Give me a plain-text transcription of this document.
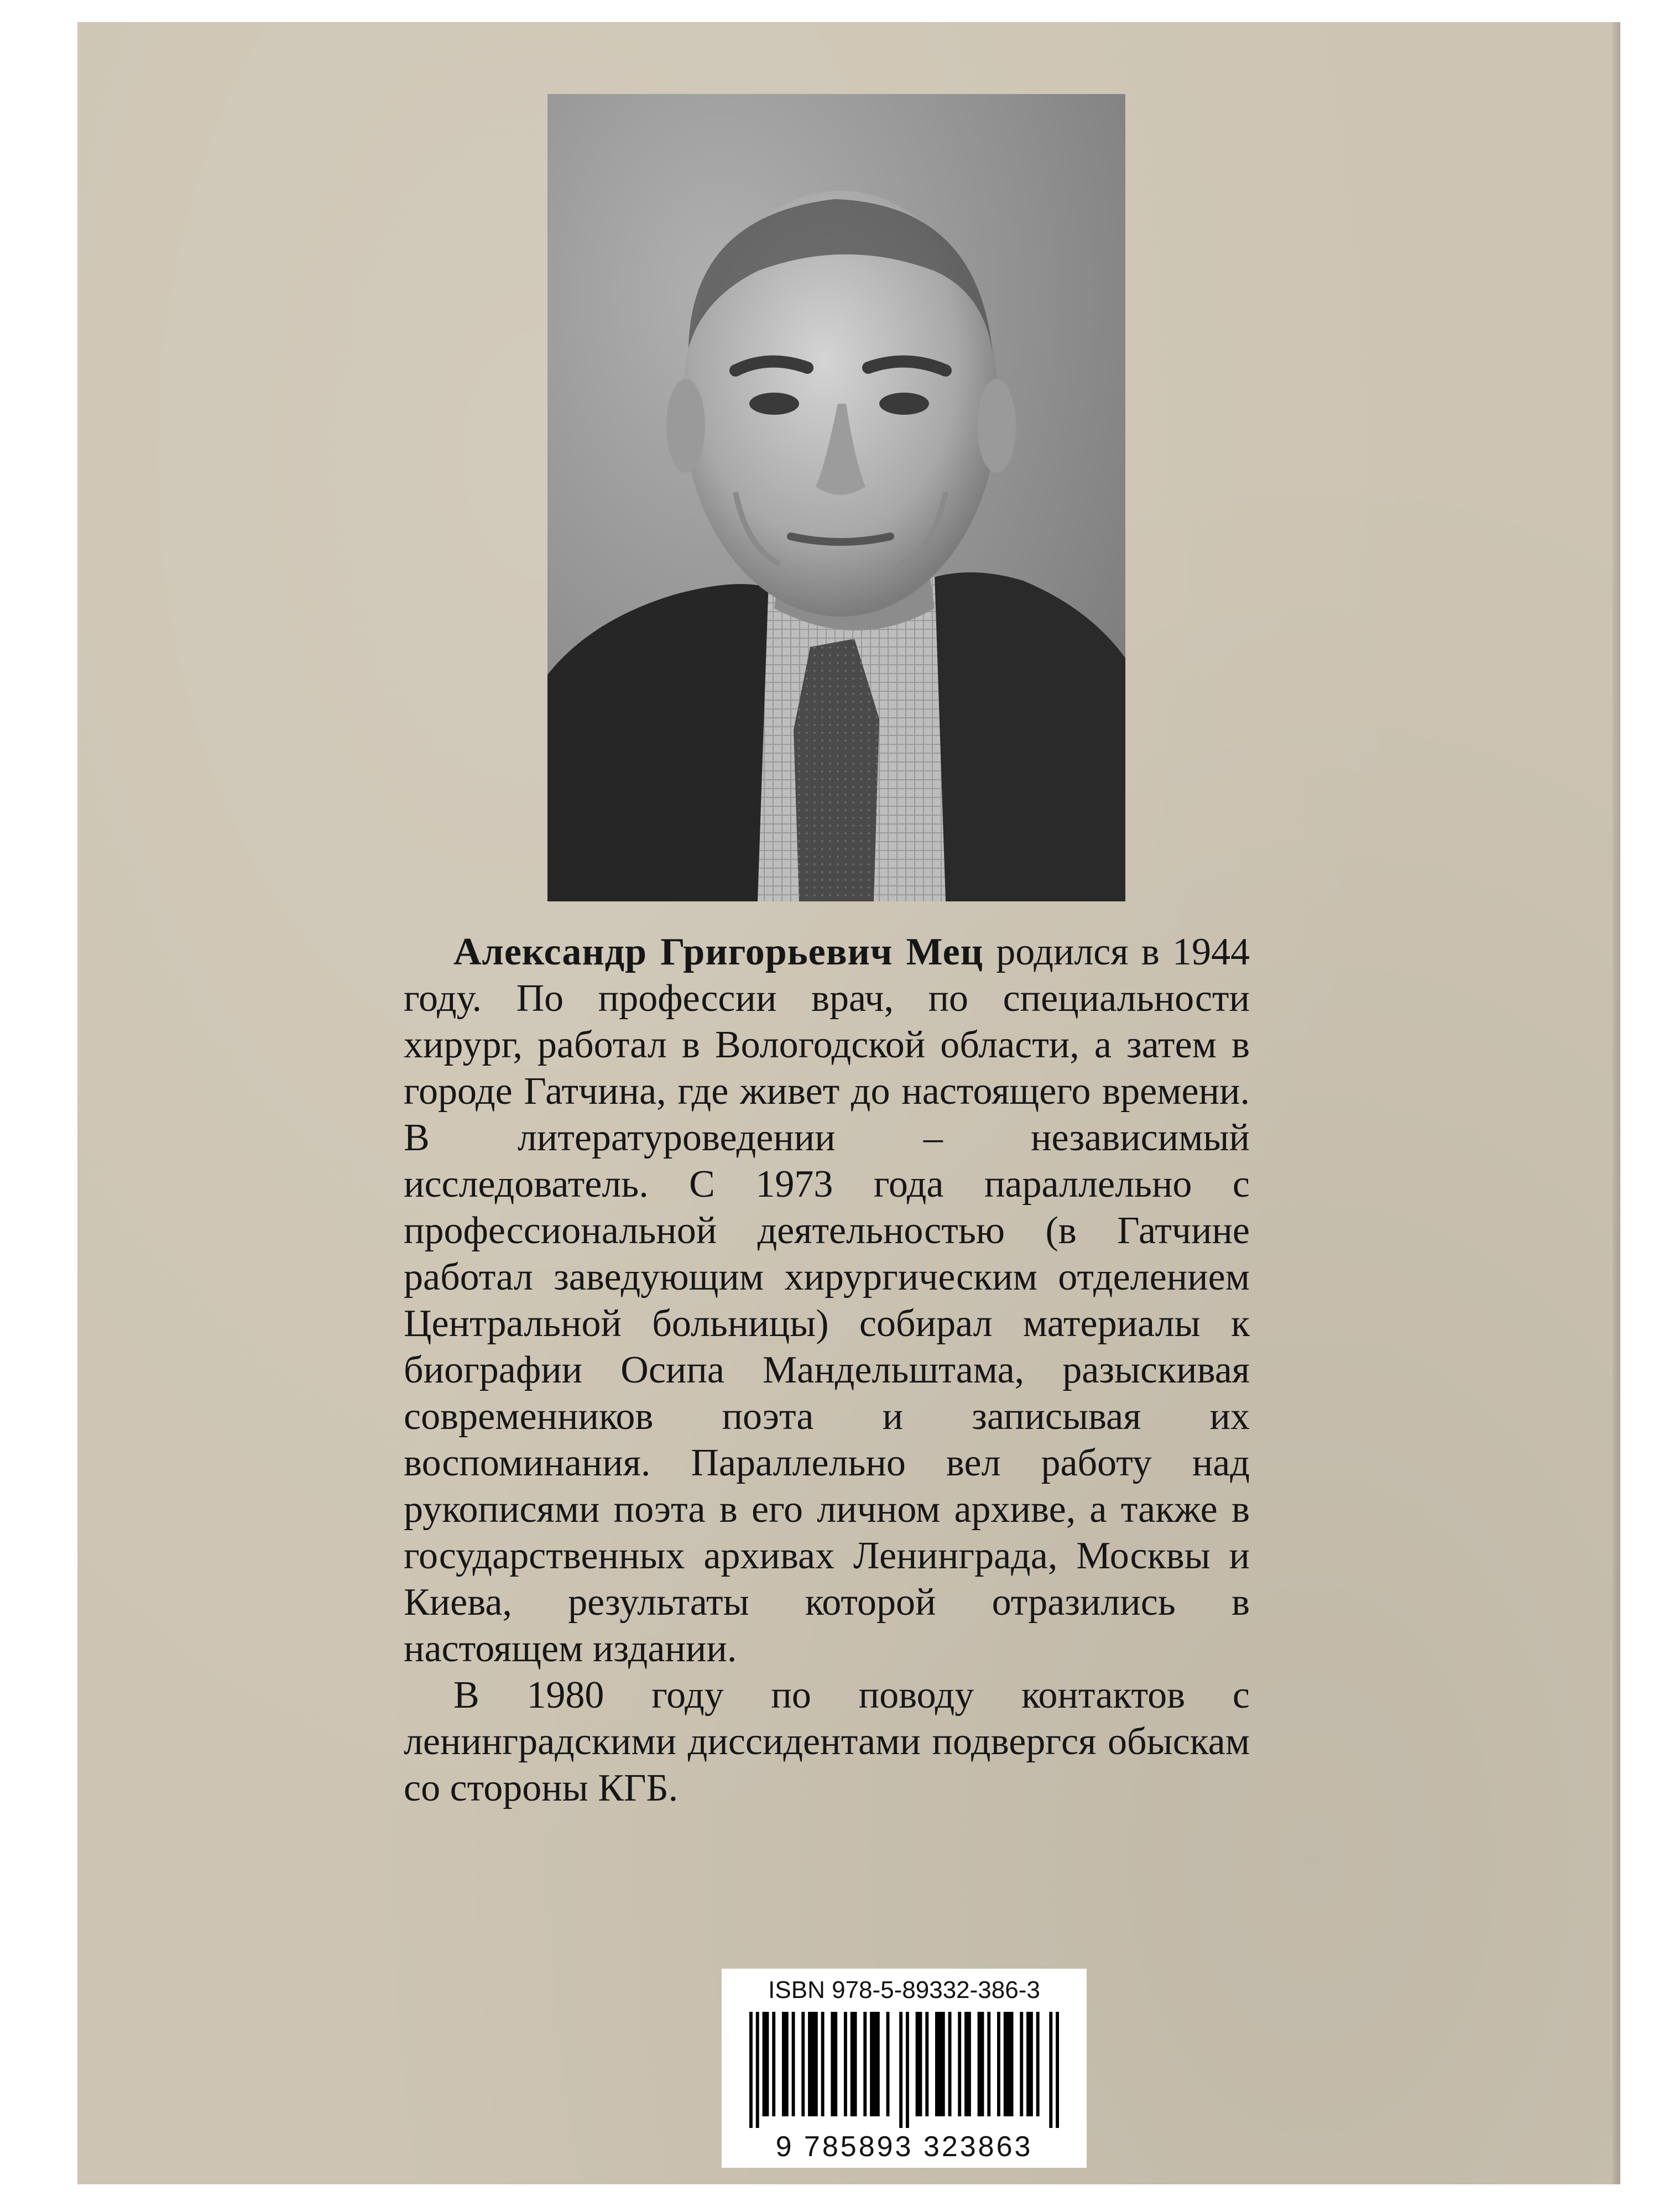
Александр Григорьевич Мец родился в 1944 году. По профессии врач, по специальности хирург, работал в Вологодской области, а затем в городе Гатчина, где живет до настоящего времени. В литературоведении – независимый исследователь. С 1973 года параллельно с профессиональной деятельностью (в Гатчине работал заведующим хирургическим отделением Центральной больницы) собирал материалы к биографии Осипа Мандельштама, разыскивая современников поэта и записывая их воспоминания. Параллельно вел работу над рукописями поэта в его личном архиве, а также в государственных архивах Ленинграда, Москвы и Киева, результаты которой отразились в настоящем издании.

В 1980 году по поводу контактов с ленинградскими диссидентами подвергся обыскам со стороны КГБ.

ISBN 978-5-89332-386-3
9 785893 323863
